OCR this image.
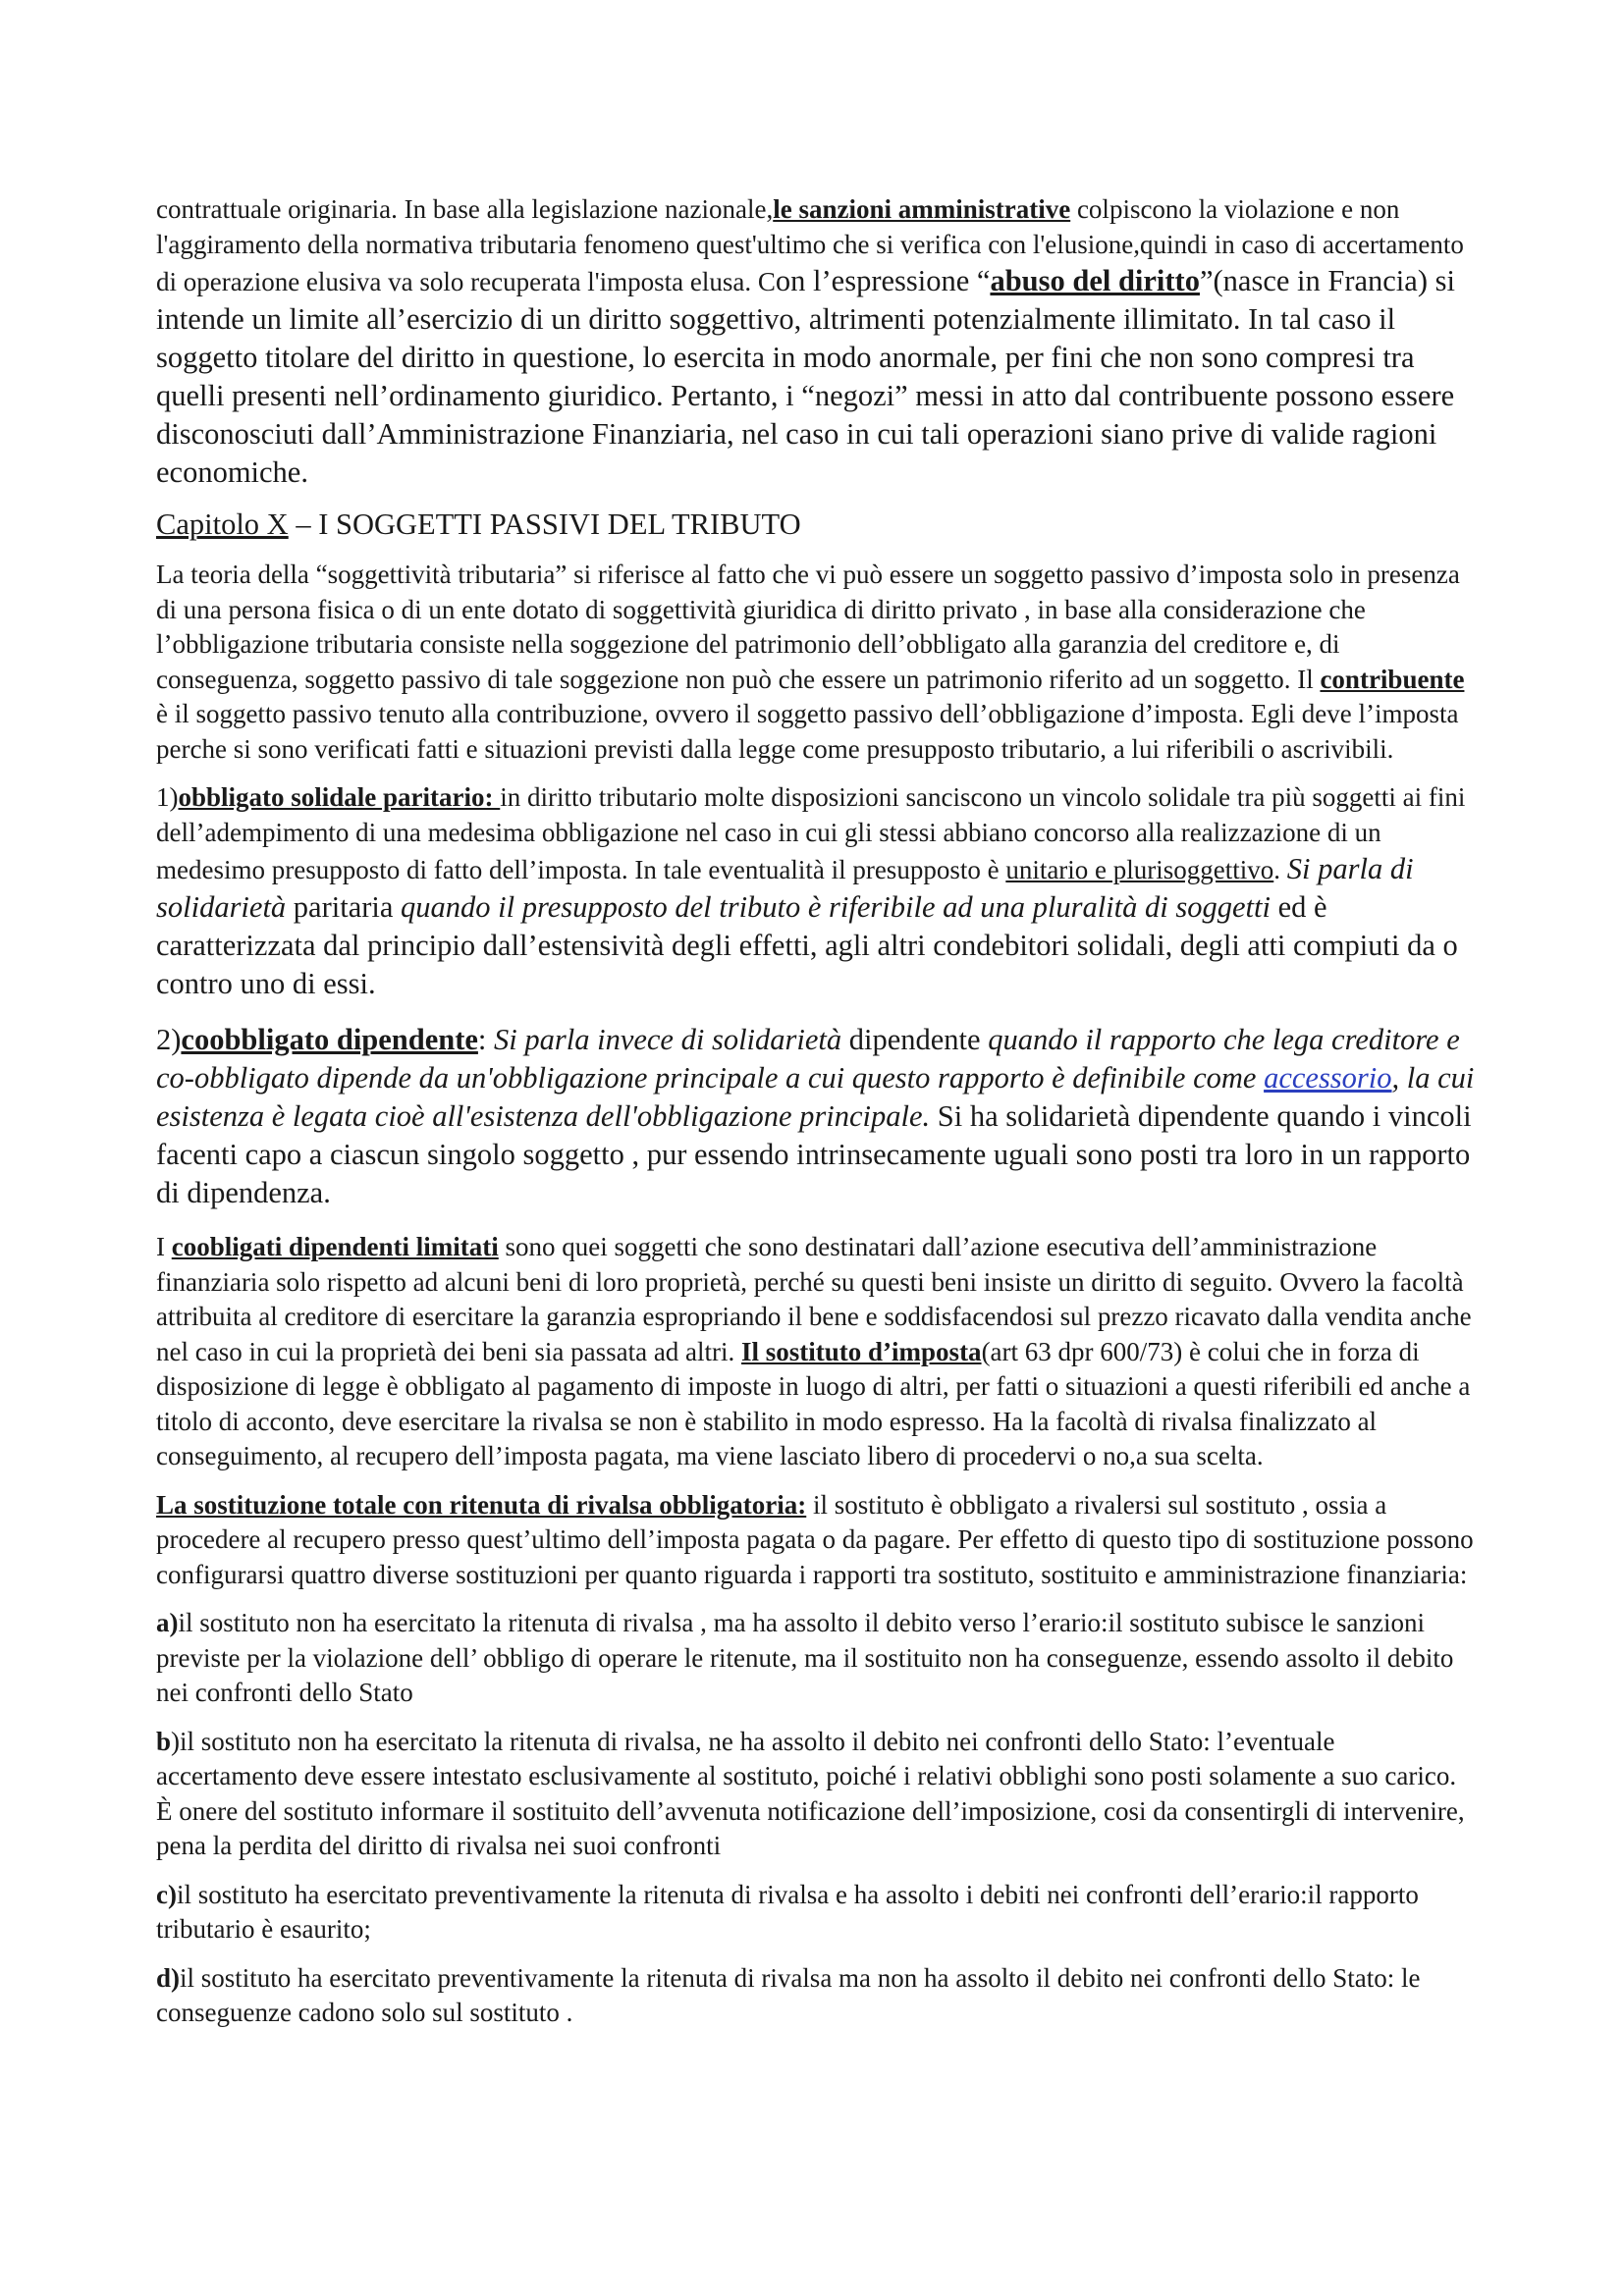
contrattuale originaria. In base alla legislazione nazionale,le sanzioni amministrative colpiscono la violazione e non l'aggiramento della normativa tributaria fenomeno quest'ultimo che si verifica con l'elusione,quindi in caso di accertamento di operazione elusiva va solo recuperata l'imposta elusa. Con l’espressione “abuso del diritto”(nasce in Francia) si intende un limite all’esercizio di un diritto soggettivo, altrimenti potenzialmente illimitato. In tal caso il soggetto titolare del diritto in questione, lo esercita in modo anormale, per fini che non sono compresi tra quelli presenti nell’ordinamento giuridico. Pertanto, i “negozi” messi in atto dal contribuente possono essere disconosciuti dall’Amministrazione Finanziaria, nel caso in cui tali operazioni siano prive di valide ragioni economiche.

Capitolo X – I SOGGETTI PASSIVI DEL TRIBUTO

La teoria della “soggettività tributaria” si riferisce al fatto che vi può essere un soggetto passivo d’imposta solo in presenza di una persona fisica o di un ente dotato di soggettività giuridica di diritto privato , in base alla considerazione che l’obbligazione tributaria consiste nella soggezione del patrimonio dell’obbligato alla garanzia del creditore e, di conseguenza, soggetto passivo di tale soggezione non può che essere un patrimonio riferito ad un soggetto. Il contribuente è il soggetto passivo tenuto alla contribuzione, ovvero il soggetto passivo dell’obbligazione d’imposta. Egli deve l’imposta perche si sono verificati fatti e situazioni previsti dalla legge come presupposto tributario, a lui riferibili o ascrivibili.

1)obbligato solidale paritario: in diritto tributario molte disposizioni sanciscono un vincolo solidale tra più soggetti ai fini dell’adempimento di una medesima obbligazione nel caso in cui gli stessi abbiano concorso alla realizzazione di un medesimo presupposto di fatto dell’imposta. In tale eventualità il presupposto è unitario e plurisoggettivo. Si parla di solidarietà paritaria quando il presupposto del tributo è riferibile ad una pluralità di soggetti ed è caratterizzata dal principio dall’estensività degli effetti, agli altri condebitori solidali, degli atti compiuti da o contro uno di essi.

2)coobbligato dipendente: Si parla invece di solidarietà dipendente quando il rapporto che lega creditore e co-obbligato dipende da un'obbligazione principale a cui questo rapporto è definibile come accessorio, la cui esistenza è legata cioè all'esistenza dell'obbligazione principale. Si ha solidarietà dipendente quando i vincoli facenti capo a ciascun singolo soggetto , pur essendo intrinsecamente uguali sono posti tra loro in un rapporto di dipendenza.

I coobligati dipendenti limitati sono quei soggetti che sono destinatari dall’azione esecutiva dell’amministrazione finanziaria solo rispetto ad alcuni beni di loro proprietà, perché su questi beni insiste un diritto di seguito. Ovvero la facoltà attribuita al creditore di esercitare la garanzia espropriando il bene e soddisfacendosi sul prezzo ricavato dalla vendita anche nel caso in cui la proprietà dei beni sia passata ad altri. Il sostituto d’imposta(art 63 dpr 600/73) è colui che in forza di disposizione di legge è obbligato al pagamento di imposte in luogo di altri, per fatti o situazioni a questi riferibili ed anche a titolo di acconto, deve esercitare la rivalsa se non è stabilito in modo espresso. Ha la facoltà di rivalsa finalizzato al conseguimento, al recupero dell’imposta pagata, ma viene lasciato libero di procedervi o no,a sua scelta.

La sostituzione totale con ritenuta di rivalsa obbligatoria: il sostituto è obbligato a rivalersi sul sostituto , ossia a procedere al recupero presso quest’ultimo dell’imposta pagata o da pagare. Per effetto di questo tipo di sostituzione possono configurarsi quattro diverse sostituzioni per quanto riguarda i rapporti tra sostituto, sostituito e amministrazione finanziaria:

a)il sostituto non ha esercitato la ritenuta di rivalsa , ma ha assolto il debito verso l’erario:il sostituto subisce le sanzioni previste per la violazione dell’ obbligo di operare le ritenute, ma il sostituito non ha conseguenze, essendo assolto il debito nei confronti dello Stato

b)il sostituto non ha esercitato la ritenuta di rivalsa, ne ha assolto il debito nei confronti dello Stato: l’eventuale accertamento deve essere intestato esclusivamente al sostituto, poiché i relativi obblighi sono posti solamente a suo carico. È onere del sostituto informare il sostituito dell’avvenuta notificazione dell’imposizione, cosi da consentirgli di intervenire, pena la perdita del diritto di rivalsa nei suoi confronti

c)il sostituto ha esercitato preventivamente la ritenuta di rivalsa e ha assolto i debiti nei confronti dell’erario:il rapporto tributario è esaurito;

d)il sostituto ha esercitato preventivamente la ritenuta di rivalsa ma non ha assolto il debito nei confronti dello Stato: le conseguenze cadono solo sul sostituto .
